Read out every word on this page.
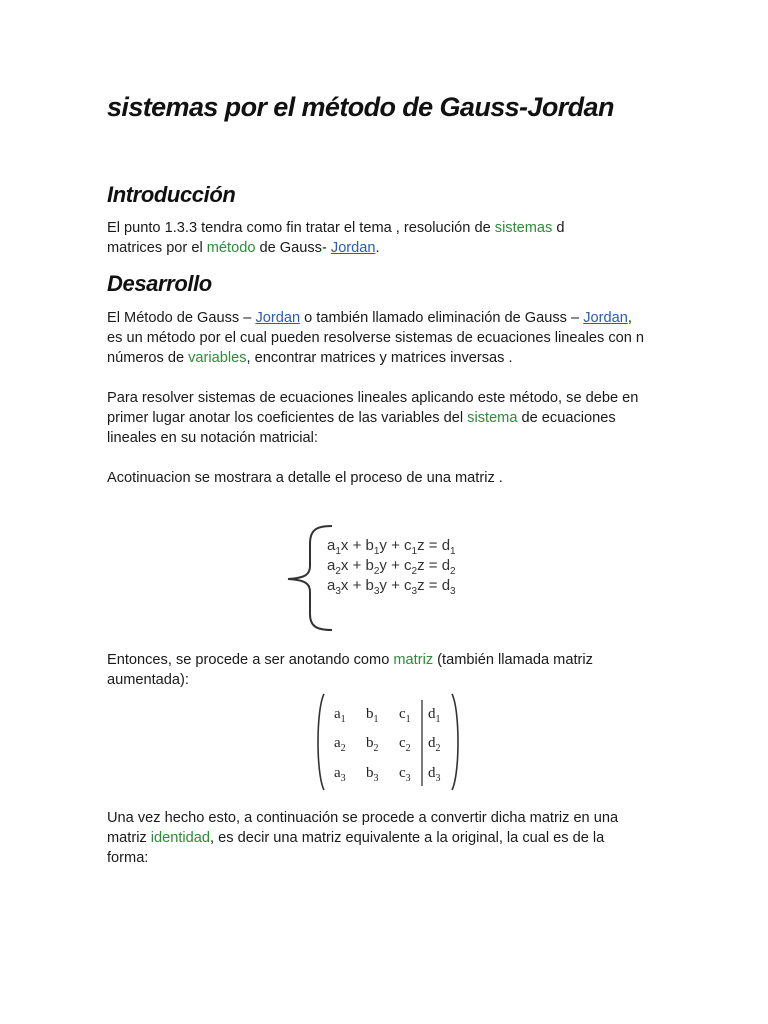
sistemas por el método de Gauss-Jordan
Introducción

El punto 1.3.3 tendra como fin tratar el tema , resolución de sistemas d

matrices por el método de Gauss- Jordan.

Desarrollo

El Método de Gauss – Jordan o también llamado eliminación de Gauss – Jordan,

es un método por el cual pueden resolverse sistemas de ecuaciones lineales con n

números de variables, encontrar matrices y matrices inversas .

Para resolver sistemas de ecuaciones lineales aplicando este método, se debe en

primer lugar anotar los coeficientes de las variables del sistema de ecuaciones

lineales en su notación matricial:

Acotinuacion se mostrara a detalle el proceso de una matriz .

$a_1x + b_1y + c_1z = d_1$
$a_2x + b_2y + c_2z = d_2$
$a_3x + b_3y + c_3z = d_3$

Entonces, se procede a ser anotando como matriz (también llamada matriz

aumentada):

$a_1$ $b_1$ $c_1$ $d_1$
$a_2$ $b_2$ $c_2$ $d_2$
$a_3$ $b_3$ $c_3$ $d_3$

Una vez hecho esto, a continuación se procede a convertir dicha matriz en una

matriz identidad, es decir una matriz equivalente a la original, la cual es de la

forma:
